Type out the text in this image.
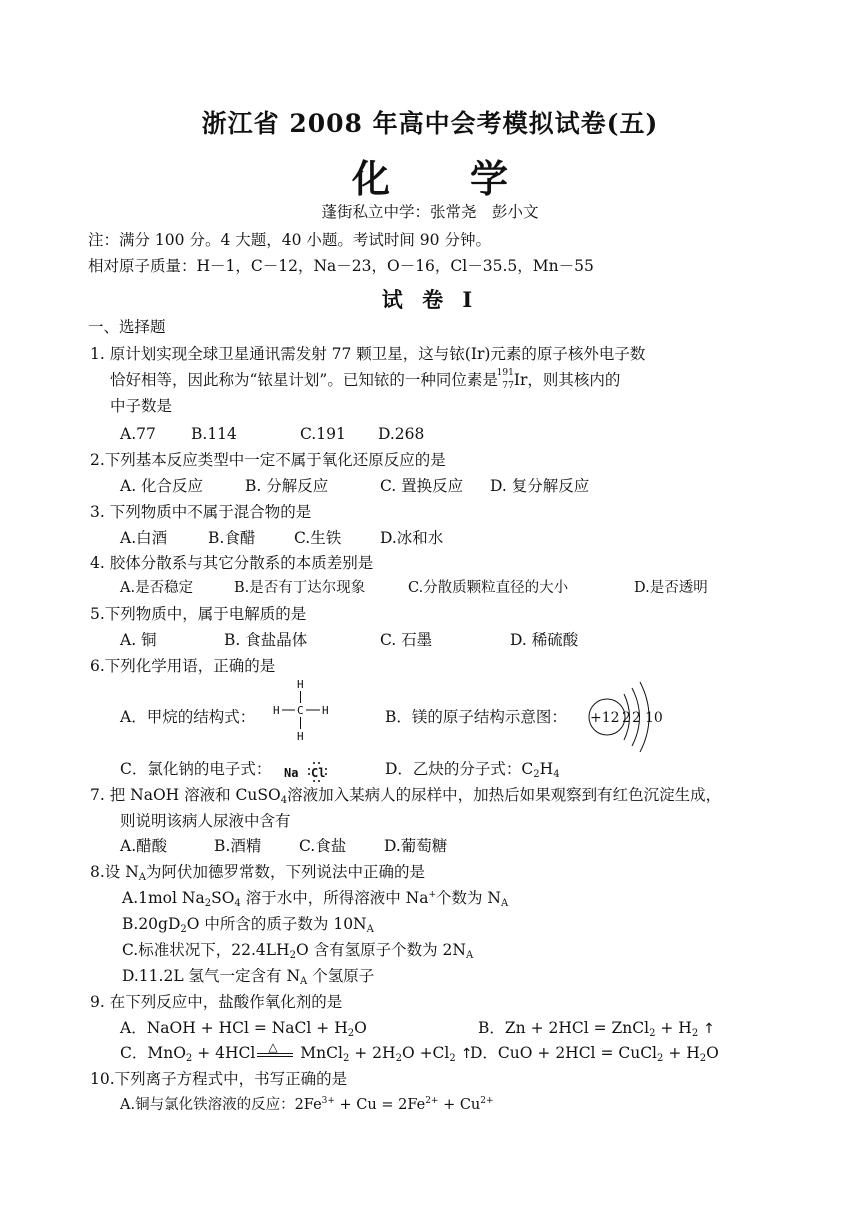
浙江省 2008 年高中会考模拟试卷(五)
化 学
蓬街私立中学：张常尧　彭小文
注：满分 100 分。4 大题，40 小题。考试时间 90 分钟。
相对原子质量：H－1，C－12，Na－23，O－16，Cl－35.5，Mn－55
试 卷 Ⅰ
一、选择题
1. 原计划实现全球卫星通讯需发射 77 颗卫星，这与铱(Ir)元素的原子核外电子数
恰好相等，因此称为“铱星计划”。已知铱的一种同位素是
191
77 Ir，则其核内的
中子数是
A.77 B.114	C.191 D.268
2.下列基本反应类型中一定不属于氧化还原反应的是
A. 化合反应	B. 分解反应	C. 置换反应 D. 复分解反应
3. 下列物质中不属于混合物的是
A.白酒	B.食醋 C.生铁	D.冰和水
4. 胶体分散系与其它分散系的本质差别是
A.是否稳定	B.是否有丁达尔现象	C.分散质颗粒直径的大小	D.是否透明
5.下列物质中，属于电解质的是
A. 铜	B. 食盐晶体	C. 石墨	D. 稀硫酸
6.下列化学用语，正确的是
A．甲烷的结构式：
H
H C H
H
B．镁的原子结构示意图： +12 2 2 10
C．氯化钠的电子式： Na Cl	D．乙炔的分子式：$C_2H_4$
7. 把 NaOH 溶液和 CuSO$_4$溶液加入某病人的尿样中，加热后如果观察到有红色沉淀生成，
则说明该病人尿液中含有
A.醋酸	B.酒精 C.食盐 D.葡萄糖
8.设 $N_A$为阿伏加德罗常数，下列说法中正确的是
A.1mol $Na_2SO_4$ 溶于水中，所得溶液中 Na+个数为 $N_A$
$B.20gD_2O$ 中所含的质子数为 $10N_A$
C.标准状况下，$22.4LH_2O$ 含有氢原子个数为 $2N_A$
D.11.2L 氢气一定含有 $N_A$ 个氢原子
9. 在下列反应中，盐酸作氧化剂的是
A．NaOH + HCl = NaCl + $H_2O$	B．Zn + 2HCl = ZnCl$_2$ + $H_2$ ↑
C．MnO$_2$ + 4HCl △ MnCl$_2$ + $2H_2O +Cl_2$ ↑
D．CuO + 2HCl = CuCl$_2$ + $H_2O$
10.下列离子方程式中，书写正确的是
A.铜与氯化铁溶液的反应：$2Fe^{3+} + Cu = 2Fe^{2+} + Cu^{2+}$
